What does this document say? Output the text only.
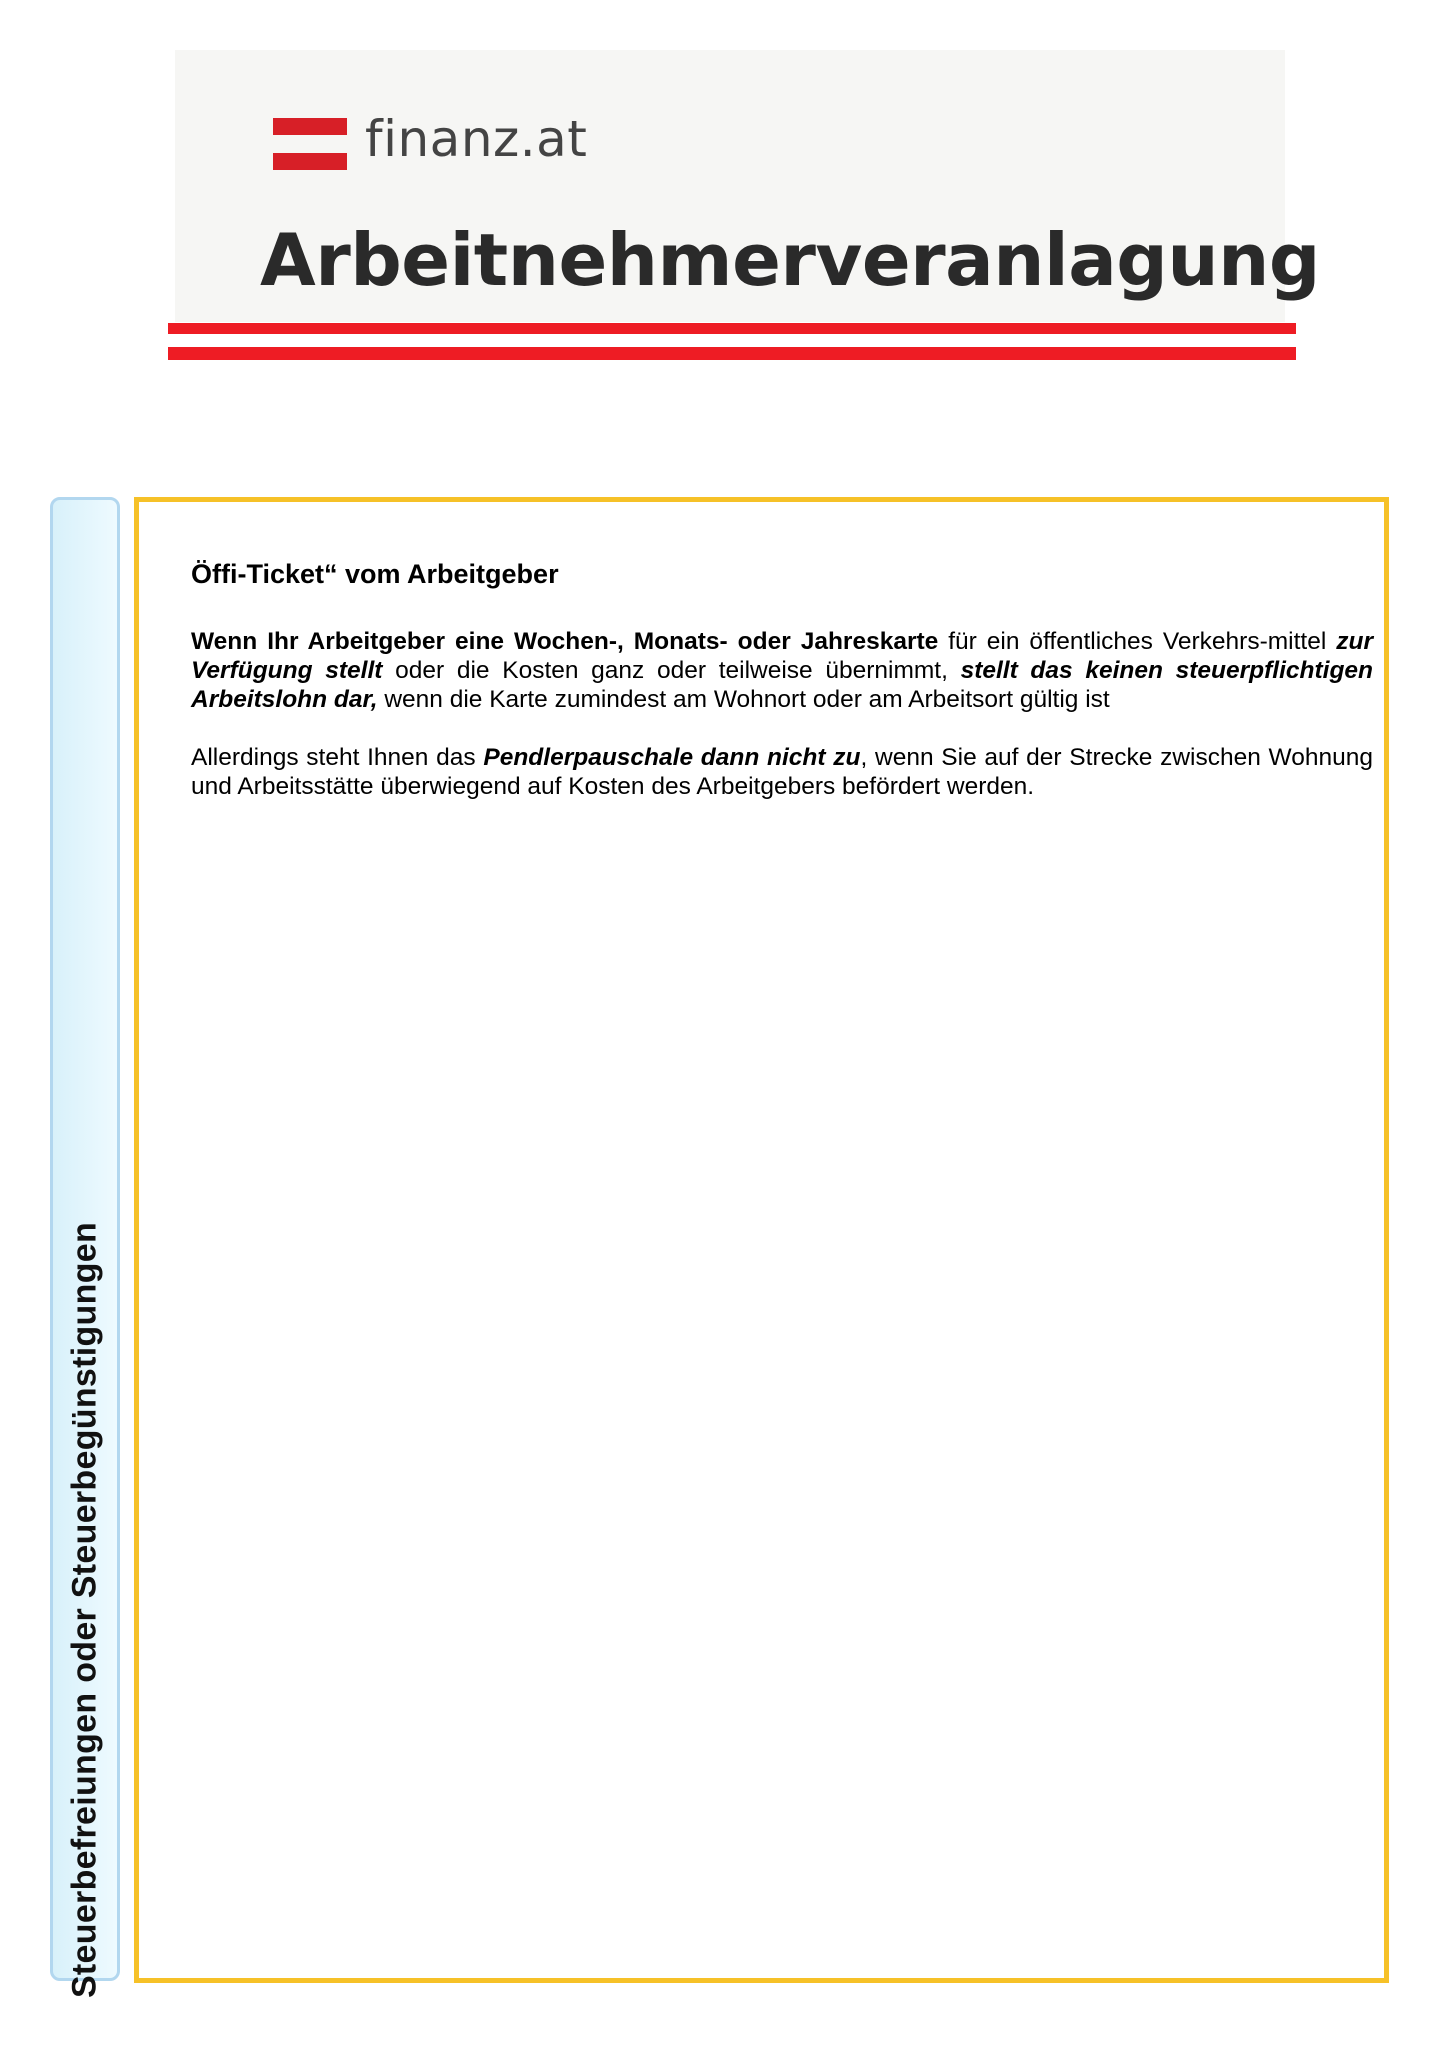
finanz.at
Arbeitnehmerveranlagung
Steuerbefreiungen oder Steuerbegünstigungen
Öffi-Ticket“ vom Arbeitgeber

Wenn Ihr Arbeitgeber eine Wochen-, Monats- oder Jahreskarte für ein öffentliches Verkehrs-mittel zur Verfügung stellt oder die Kosten ganz oder teilweise übernimmt, stellt das keinen steuerpflichtigen Arbeitslohn dar, wenn die Karte zumindest am Wohnort oder am Arbeitsort gültig ist

Allerdings steht Ihnen das Pendlerpauschale dann nicht zu, wenn Sie auf der Strecke zwischen Wohnung und Arbeitsstätte überwiegend auf Kosten des Arbeitgebers befördert werden.
